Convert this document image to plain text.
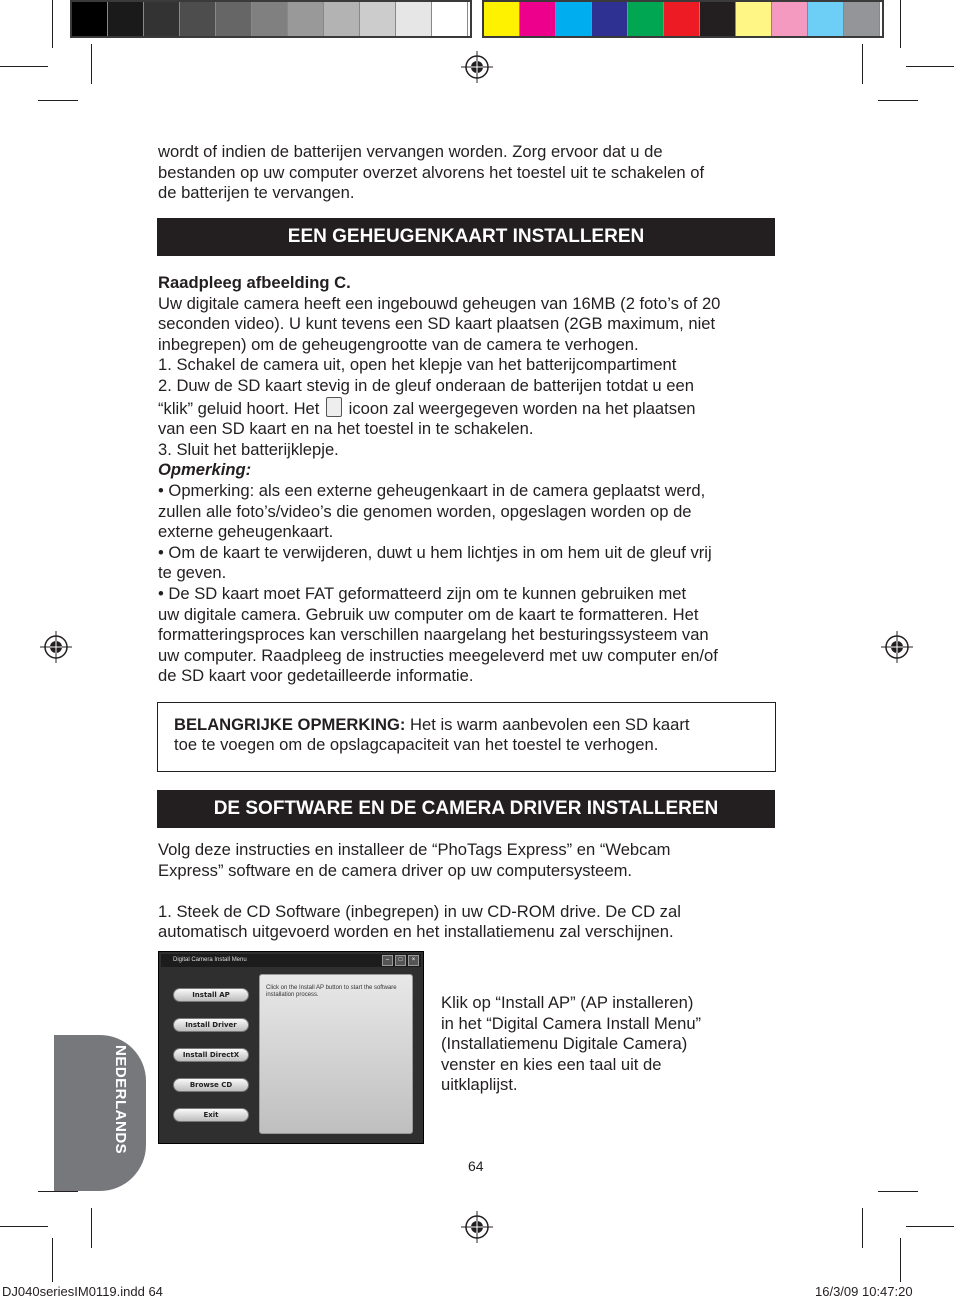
wordt of indien de batterijen vervangen worden. Zorg ervoor dat u de
bestanden op uw computer overzet alvorens het toestel uit te schakelen of
de batterijen te vervangen.
EEN GEHEUGENKAART INSTALLEREN
Raadpleeg afbeelding C.
Uw digitale camera heeft een ingebouwd geheugen van 16MB (2 foto’s of 20
seconden video). U kunt tevens een SD kaart plaatsen (2GB maximum, niet
inbegrepen) om de geheugengrootte van de camera te verhogen.
1. Schakel de camera uit, open het klepje van het batterijcompartiment
2. Duw de SD kaart stevig in de gleuf onderaan de batterijen totdat u een
“klik” geluid hoort. Het icoon zal weergegeven worden na het plaatsen
van een SD kaart en na het toestel in te schakelen.
3. Sluit het batterijklepje.
Opmerking:
• Opmerking: als een externe geheugenkaart in de camera geplaatst werd,
zullen alle foto’s/video’s die genomen worden, opgeslagen worden op de
externe geheugenkaart.
• Om de kaart te verwijderen, duwt u hem lichtjes in om hem uit de gleuf vrij
te geven.
• De SD kaart moet FAT geformatteerd zijn om te kunnen gebruiken met
uw digitale camera. Gebruik uw computer om de kaart te formatteren. Het
formatteringsproces kan verschillen naargelang het besturingssysteem van
uw computer. Raadpleeg de instructies meegeleverd met uw computer en/of
de SD kaart voor gedetailleerde informatie.
BELANGRIJKE OPMERKING: Het is warm aanbevolen een SD kaart
toe te voegen om de opslagcapaciteit van het toestel te verhogen.
DE SOFTWARE EN DE CAMERA DRIVER INSTALLEREN
Volg deze instructies en installeer de “PhoTags Express” en “Webcam
Express” software en de camera driver op uw computersysteem.
1. Steek de CD Software (inbegrepen) in uw CD-ROM drive. De CD zal
automatisch uitgevoerd worden en het installatiemenu zal verschijnen.
Digital Camera Install Menu	–	□	×
Install AP
Install Driver
Install DirectX
Browse CD
Exit
Click on the Install AP button to start the software installation process.	Klik op “Install AP” (AP installeren)
in het “Digital Camera Install Menu”
(Installatiemenu Digitale Camera)
venster en kies een taal uit de
uitklaplijst.
NEDERLANDS
64
DJ040seriesIM0119.indd 64	16/3/09 10:47:20
